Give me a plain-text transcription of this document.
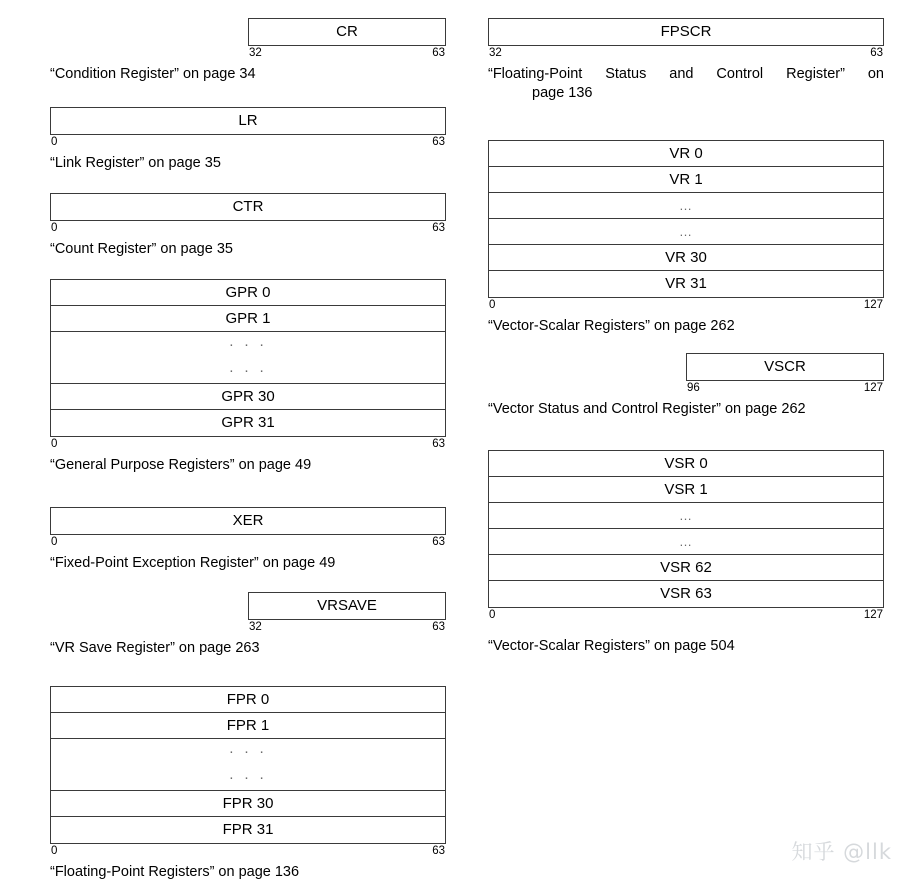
CR
32	63
“Condition Register” on page 34
LR
0	63
“Link Register” on page 35
CTR
0	63
“Count Register” on page 35
GPR 0
GPR 1
· · ·
· · ·
GPR 30
GPR 31
0	63
“General Purpose Registers” on page 49
XER
0	63
“Fixed-Point Exception Register” on page 49
VRSAVE
32	63
“VR Save Register” on page 263
FPR 0
FPR 1
· · ·
· · ·
FPR 30
FPR 31
0	63
“Floating-Point Registers” on page 136
FPSCR
32	63
“Floating-Point Status and Control Register” on
page 136
VR 0
VR 1
…
…
VR 30
VR 31
0	127
“Vector-Scalar Registers” on page 262
VSCR
96	127
“Vector Status and Control Register” on page 262
VSR 0
VSR 1
…
…
VSR 62
VSR 63
0	127
“Vector-Scalar Registers” on page 504
知乎 @llk
